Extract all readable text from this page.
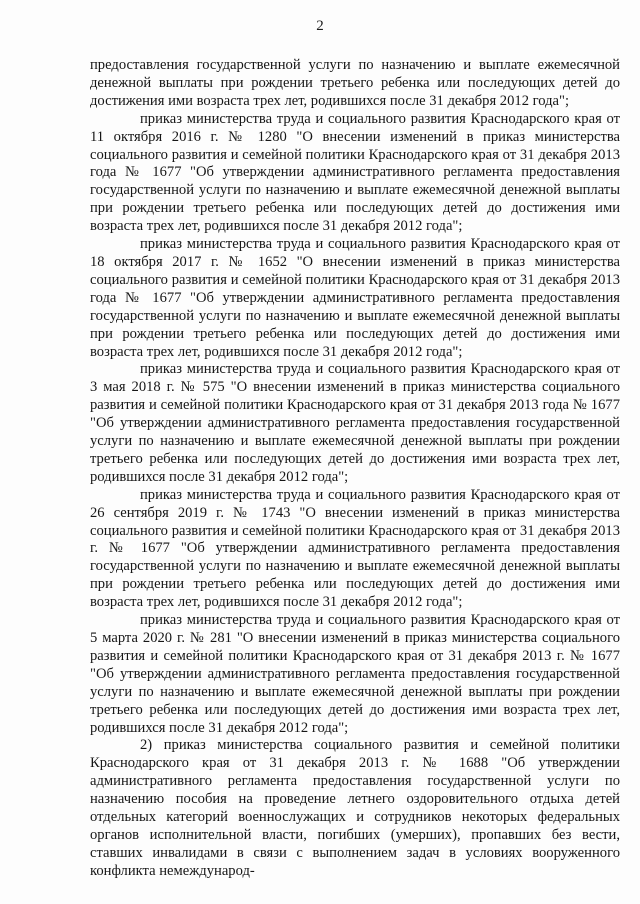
2

предоставления государственной услуги по назначению и выплате ежемесячной денежной выплаты при рождении третьего ребенка или последующих детей до достижения ими возраста трех лет, родившихся после 31 декабря 2012 года";

приказ министерства труда и социального развития Краснодарского края от 11 октября 2016 г. № 1280 "О внесении изменений в приказ министерства социального развития и семейной политики Краснодарского края от 31 декабря 2013 года № 1677 "Об утверждении административного регламента предоставления государственной услуги по назначению и выплате ежемесячной денежной выплаты при рождении третьего ребенка или последующих детей до достижения ими возраста трех лет, родившихся после 31 декабря 2012 года";

приказ министерства труда и социального развития Краснодарского края от 18 октября 2017 г. № 1652 "О внесении изменений в приказ министерства социального развития и семейной политики Краснодарского края от 31 декабря 2013 года № 1677 "Об утверждении административного регламента предоставления государственной услуги по назначению и выплате ежемесячной денежной выплаты при рождении третьего ребенка или последующих детей до достижения ими возраста трех лет, родившихся после 31 декабря 2012 года";

приказ министерства труда и социального развития Краснодарского края от 3 мая 2018 г. № 575 "О внесении изменений в приказ министерства социального развития и семейной политики Краснодарского края от 31 декабря 2013 года № 1677 "Об утверждении административного регламента предоставления государственной услуги по назначению и выплате ежемесячной денежной выплаты при рождении третьего ребенка или последующих детей до достижения ими возраста трех лет, родившихся после 31 декабря 2012 года";

приказ министерства труда и социального развития Краснодарского края от 26 сентября 2019 г. № 1743 "О внесении изменений в приказ министерства социального развития и семейной политики Краснодарского края от 31 декабря 2013 г. № 1677 "Об утверждении административного регламента предоставления государственной услуги по назначению и выплате ежемесячной денежной выплаты при рождении третьего ребенка или последующих детей до достижения ими возраста трех лет, родившихся после 31 декабря 2012 года";

приказ министерства труда и социального развития Краснодарского края от 5 марта 2020 г. № 281 "О внесении изменений в приказ министерства социального развития и семейной политики Краснодарского края от 31 декабря 2013 г. № 1677 "Об утверждении административного регламента предоставления государственной услуги по назначению и выплате ежемесячной денежной выплаты при рождении третьего ребенка или последующих детей до достижения ими возраста трех лет, родившихся после 31 декабря 2012 года";

2) приказ министерства социального развития и семейной политики Краснодарского края от 31 декабря 2013 г. № 1688 "Об утверждении административного регламента предоставления государственной услуги по назначению пособия на проведение летнего оздоровительного отдыха детей отдельных категорий военнослужащих и сотрудников некоторых федеральных органов исполнительной власти, погибших (умерших), пропавших без вести, ставших инвалидами в связи с выполнением задач в условиях вооруженного конфликта немеждународ-
